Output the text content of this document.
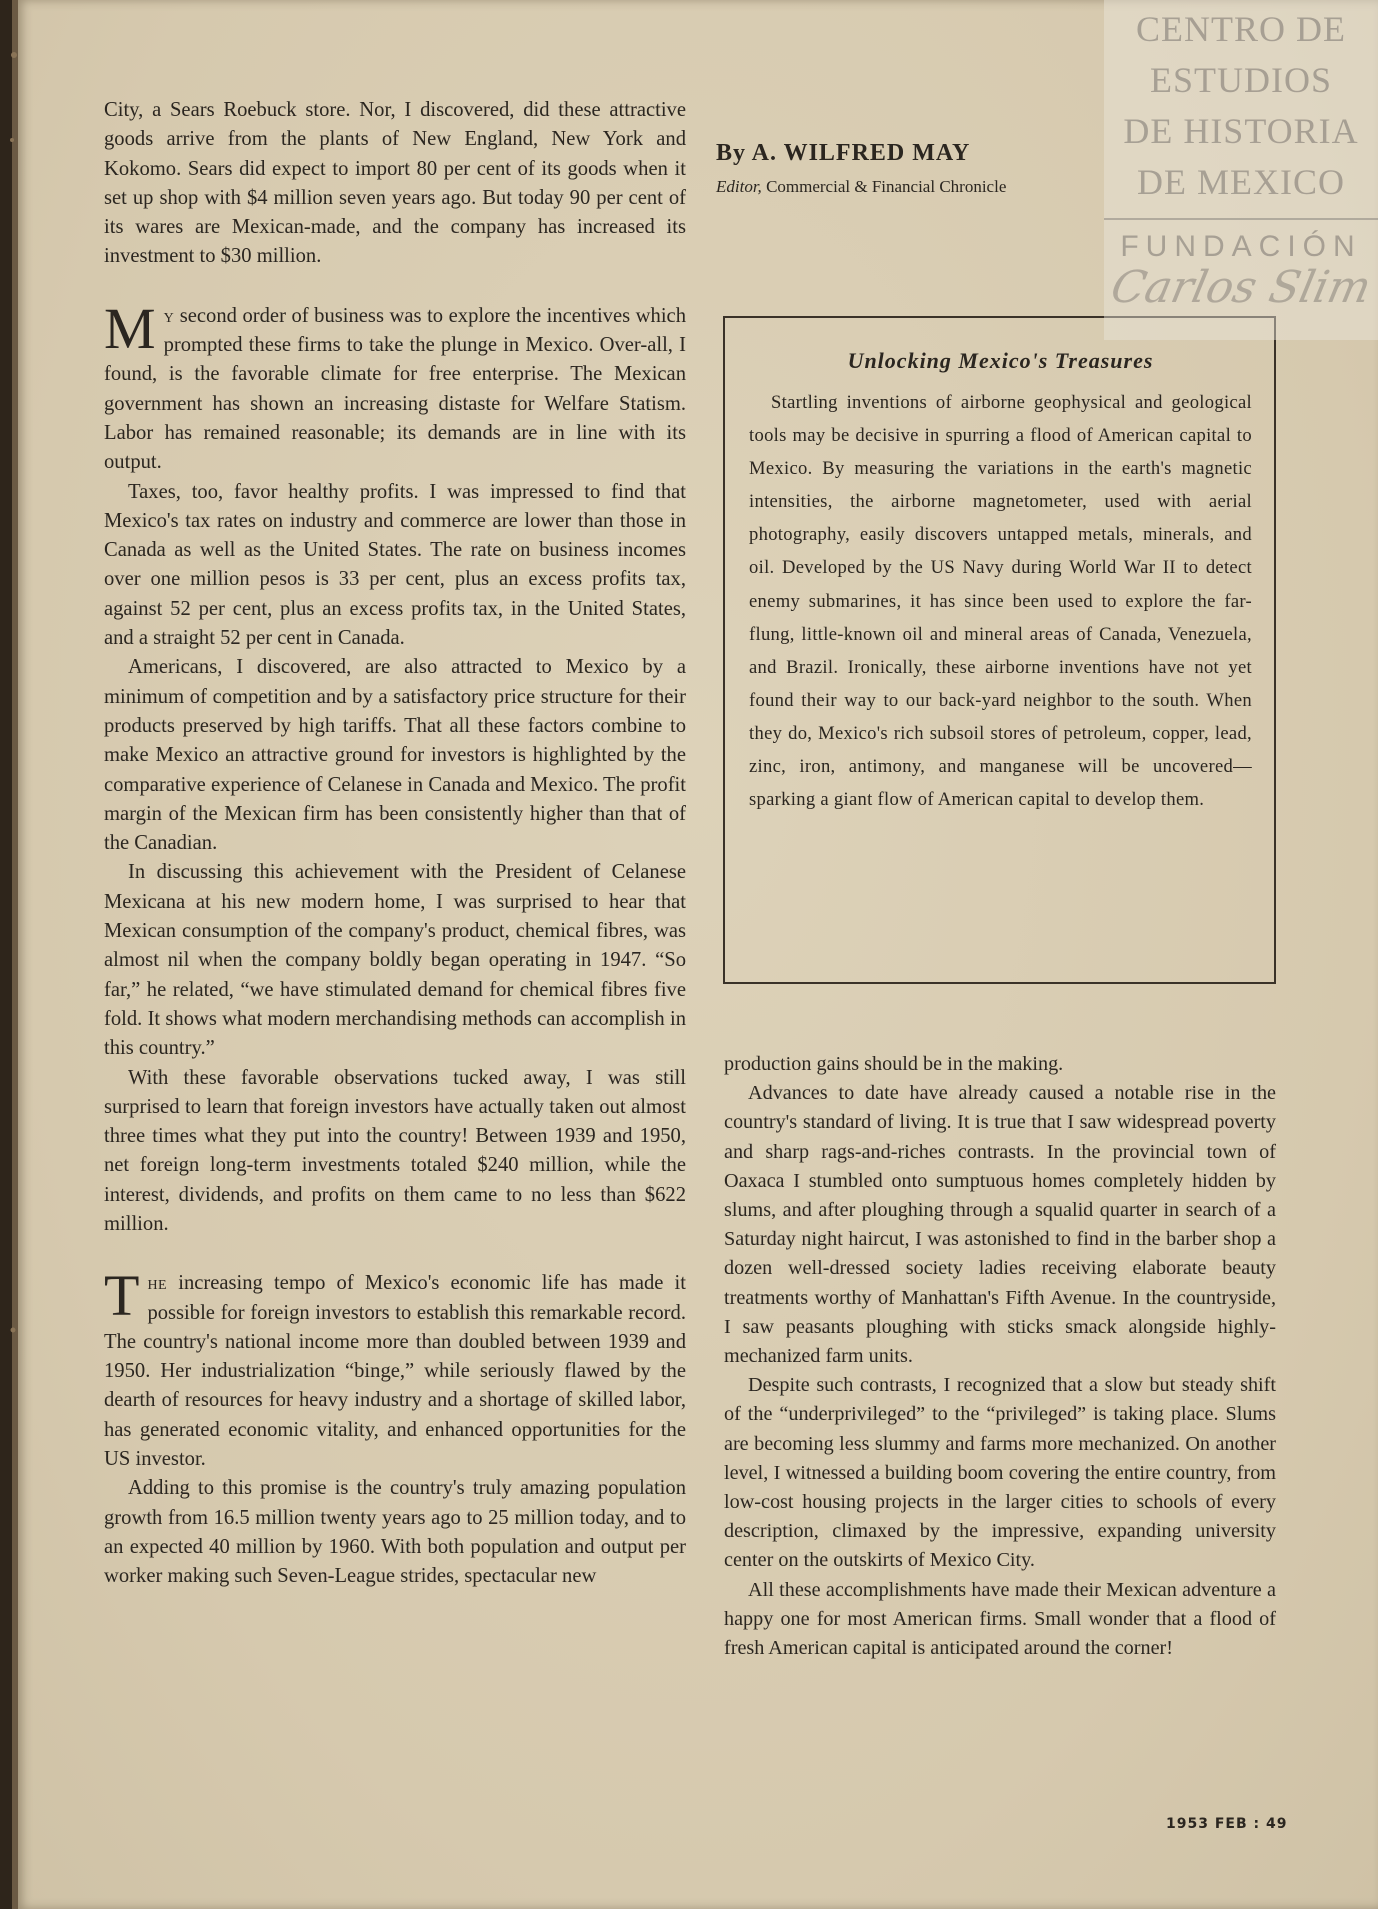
City, a Sears Roebuck store. Nor, I discovered, did these attractive goods arrive from the plants of New England, New York and Kokomo. Sears did expect to import 80 per cent of its goods when it set up shop with $4 million seven years ago. But today 90 per cent of its wares are Mexican-made, and the company has increased its investment to $30 million.

My second order of business was to explore the incentives which prompted these firms to take the plunge in Mexico. Over-all, I found, is the favorable climate for free enterprise. The Mexican government has shown an increasing distaste for Welfare Statism. Labor has remained reasonable; its demands are in line with its output.

Taxes, too, favor healthy profits. I was impressed to find that Mexico's tax rates on industry and commerce are lower than those in Canada as well as the United States. The rate on business incomes over one million pesos is 33 per cent, plus an excess profits tax, against 52 per cent, plus an excess profits tax, in the United States, and a straight 52 per cent in Canada.

Americans, I discovered, are also attracted to Mexico by a minimum of competition and by a satisfactory price structure for their products preserved by high tariffs. That all these factors combine to make Mexico an attractive ground for investors is highlighted by the comparative experience of Celanese in Canada and Mexico. The profit margin of the Mexican firm has been consistently higher than that of the Canadian.

In discussing this achievement with the President of Celanese Mexicana at his new modern home, I was surprised to hear that Mexican consumption of the company's product, chemical fibres, was almost nil when the company boldly began operating in 1947. “So far,” he related, “we have stimulated demand for chemical fibres five fold. It shows what modern merchandising methods can accomplish in this country.”

With these favorable observations tucked away, I was still surprised to learn that foreign investors have actually taken out almost three times what they put into the country! Between 1939 and 1950, net foreign long-term investments totaled $240 million, while the interest, dividends, and profits on them came to no less than $622 million.

The increasing tempo of Mexico's economic life has made it possible for foreign investors to establish this remarkable record. The country's national income more than doubled between 1939 and 1950. Her industrialization “binge,” while seriously flawed by the dearth of resources for heavy industry and a shortage of skilled labor, has generated economic vitality, and enhanced opportunities for the US investor.

Adding to this promise is the country's truly amazing population growth from 16.5 million twenty years ago to 25 million today, and to an expected 40 million by 1960. With both population and output per worker making such Seven-League strides, spectacular new

By A. WILFRED MAY
Editor, Commercial & Financial Chronicle
Unlocking Mexico's Treasures

Startling inventions of airborne geophysical and geological tools may be decisive in spurring a flood of American capital to Mexico. By measuring the variations in the earth's magnetic intensities, the airborne magnetometer, used with aerial photography, easily discovers untapped metals, minerals, and oil. Developed by the US Navy during World War II to detect enemy submarines, it has since been used to explore the far-flung, little-known oil and mineral areas of Canada, Venezuela, and Brazil. Ironically, these airborne inventions have not yet found their way to our back-yard neighbor to the south. When they do, Mexico's rich subsoil stores of petroleum, copper, lead, zinc, iron, antimony, and manganese will be uncovered—sparking a giant flow of American capital to develop them.

production gains should be in the making.

Advances to date have already caused a notable rise in the country's standard of living. It is true that I saw widespread poverty and sharp rags-and-riches contrasts. In the provincial town of Oaxaca I stumbled onto sumptuous homes completely hidden by slums, and after ploughing through a squalid quarter in search of a Saturday night haircut, I was astonished to find in the barber shop a dozen well-dressed society ladies receiving elaborate beauty treatments worthy of Manhattan's Fifth Avenue. In the countryside, I saw peasants ploughing with sticks smack alongside highly-mechanized farm units.

Despite such contrasts, I recognized that a slow but steady shift of the “underprivileged” to the “privileged” is taking place. Slums are becoming less slummy and farms more mechanized. On another level, I witnessed a building boom covering the entire country, from low-cost housing projects in the larger cities to schools of every description, climaxed by the impressive, expanding university center on the outskirts of Mexico City.

All these accomplishments have made their Mexican adventure a happy one for most American firms. Small wonder that a flood of fresh American capital is anticipated around the corner!

1953 FEB : 49
CENTRO DE
ESTUDIOS
DE HISTORIA
DE MEXICO
FUNDACIÓN
Carlos Slim
